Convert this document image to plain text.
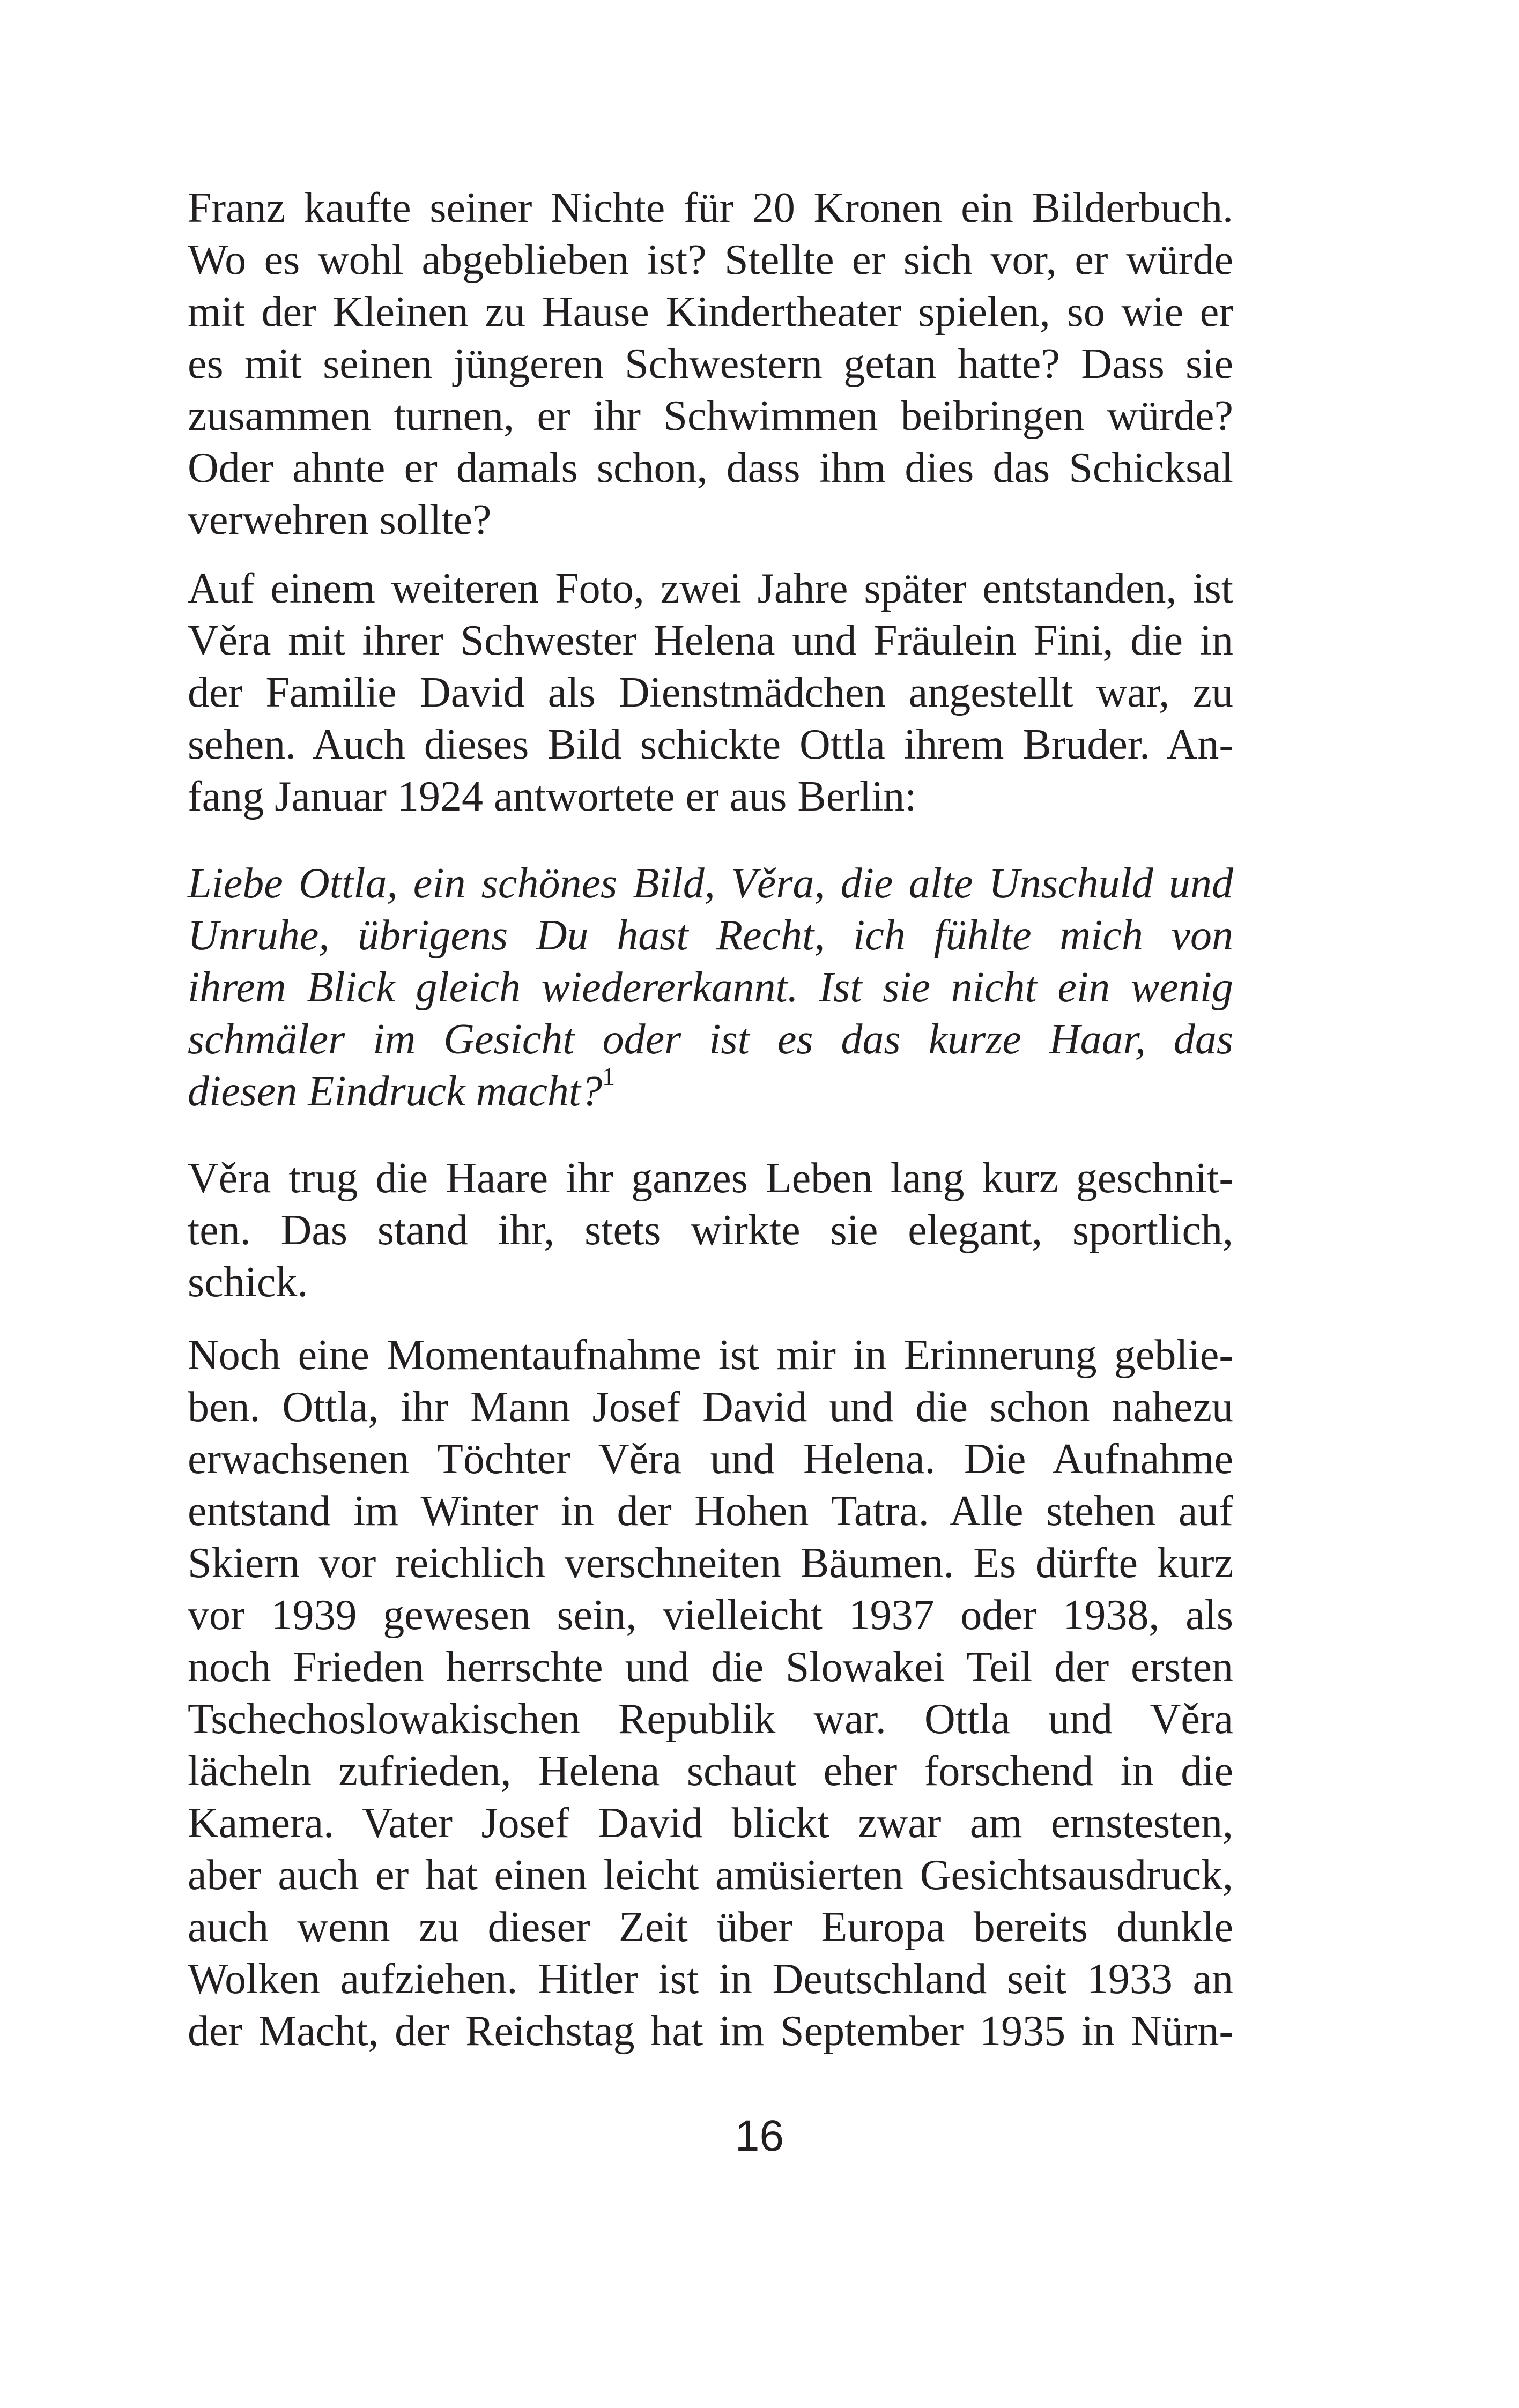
Franz kaufte seiner Nichte für 20 Kronen ein Bilderbuch.
Wo es wohl abgeblieben ist? Stellte er sich vor, er würde
mit der Kleinen zu Hause Kindertheater spielen, so wie er
es mit seinen jüngeren Schwestern getan hatte? Dass sie
zusammen turnen, er ihr Schwimmen beibringen würde?
Oder ahnte er damals schon, dass ihm dies das Schicksal
verwehren sollte?
Auf einem weiteren Foto, zwei Jahre später entstanden, ist
Věra mit ihrer Schwester Helena und Fräulein Fini, die in
der Familie David als Dienstmädchen angestellt war, zu
sehen. Auch dieses Bild schickte Ottla ihrem Bruder. An-
fang Januar 1924 antwortete er aus Berlin:
Liebe Ottla, ein schönes Bild, Věra, die alte Unschuld und
Unruhe, übrigens Du hast Recht, ich fühlte mich von
ihrem Blick gleich wiedererkannt. Ist sie nicht ein wenig
schmäler im Gesicht oder ist es das kurze Haar, das
diesen Eindruck macht?$^1$
Věra trug die Haare ihr ganzes Leben lang kurz geschnit-
ten. Das stand ihr, stets wirkte sie elegant, sportlich,
schick.
Noch eine Momentaufnahme ist mir in Erinnerung geblie-
ben. Ottla, ihr Mann Josef David und die schon nahezu
erwachsenen Töchter Věra und Helena. Die Aufnahme
entstand im Winter in der Hohen Tatra. Alle stehen auf
Skiern vor reichlich verschneiten Bäumen. Es dürfte kurz
vor 1939 gewesen sein, vielleicht 1937 oder 1938, als
noch Frieden herrschte und die Slowakei Teil der ersten
Tschechoslowakischen Republik war. Ottla und Věra
lächeln zufrieden, Helena schaut eher forschend in die
Kamera. Vater Josef David blickt zwar am ernstesten,
aber auch er hat einen leicht amüsierten Gesichtsausdruck,
auch wenn zu dieser Zeit über Europa bereits dunkle
Wolken aufziehen. Hitler ist in Deutschland seit 1933 an
der Macht, der Reichstag hat im September 1935 in Nürn-
16
